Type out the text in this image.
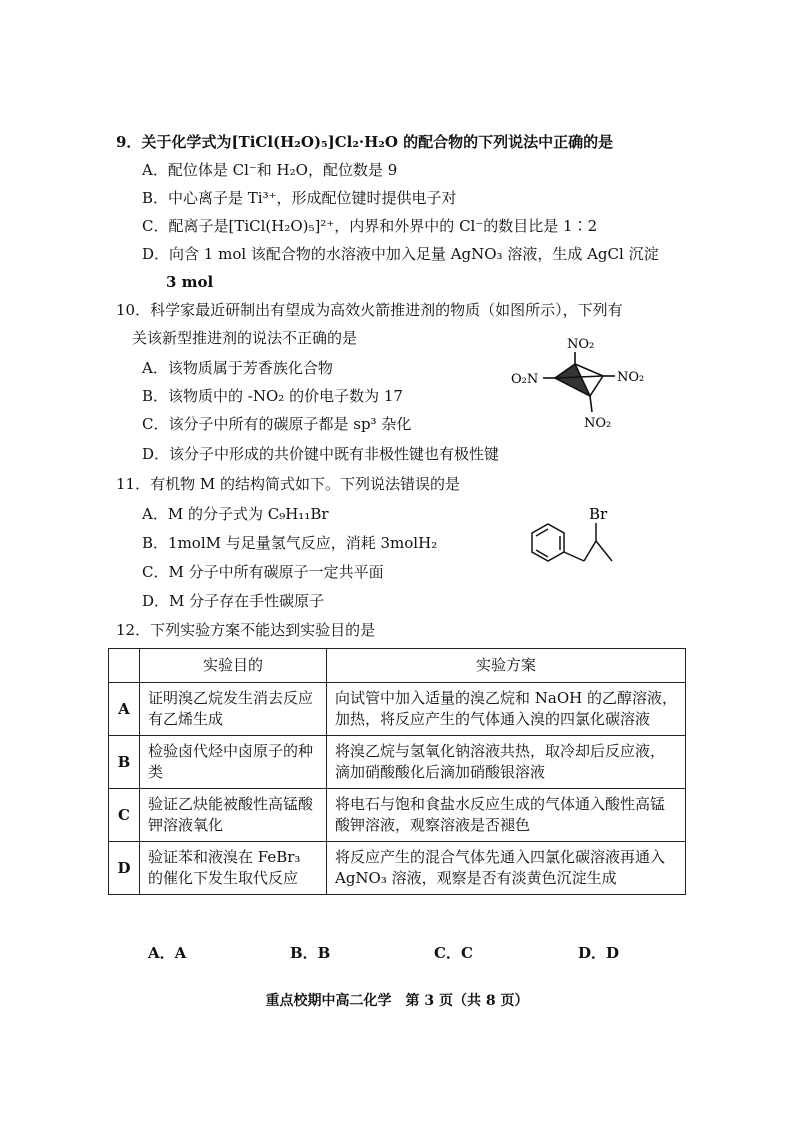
9．关于化学式为[TiCl(H₂O)₅]Cl₂·H₂O 的配合物的下列说法中正确的是
A．配位体是 Cl⁻和 H₂O，配位数是 9
B．中心离子是 Ti³⁺，形成配位键时提供电子对
C．配离子是[TiCl(H₂O)₅]²⁺，内界和外界中的 Cl⁻的数目比是 1∶2
D．向含 1 mol 该配合物的水溶液中加入足量 AgNO₃ 溶液，生成 AgCl 沉淀
3 mol
10．科学家最近研制出有望成为高效火箭推进剂的物质（如图所示），下列有
关该新型推进剂的说法不正确的是
A．该物质属于芳香族化合物
B．该物质中的 -NO₂ 的价电子数为 17
C．该分子中所有的碳原子都是 sp³ 杂化
D．该分子中形成的共价键中既有非极性键也有极性键
NO₂
O₂N	NO₂
NO₂
11．有机物 M 的结构简式如下。下列说法错误的是
A．M 的分子式为 C₉H₁₁Br
B．1molM 与足量氢气反应，消耗 3molH₂
C．M 分子中所有碳原子一定共平面
D．M 分子存在手性碳原子
Br
12．下列实验方案不能达到实验目的是
	实验目的	实验方案
A	证明溴乙烷发生消去反应有乙烯生成	向试管中加入适量的溴乙烷和 NaOH 的乙醇溶液，加热，将反应产生的气体通入溴的四氯化碳溶液
B	检验卤代烃中卤原子的种类	将溴乙烷与氢氧化钠溶液共热，取冷却后反应液，滴加硝酸酸化后滴加硝酸银溶液
C	验证乙炔能被酸性高锰酸钾溶液氧化	将电石与饱和食盐水反应生成的气体通入酸性高锰酸钾溶液，观察溶液是否褪色
D	验证苯和液溴在 FeBr₃ 的催化下发生取代反应	将反应产生的混合气体先通入四氯化碳溶液再通入 AgNO₃ 溶液，观察是否有淡黄色沉淀生成
A．A	B．B	C．C	D．D
重点校期中高二化学　第 3 页（共 8 页）
